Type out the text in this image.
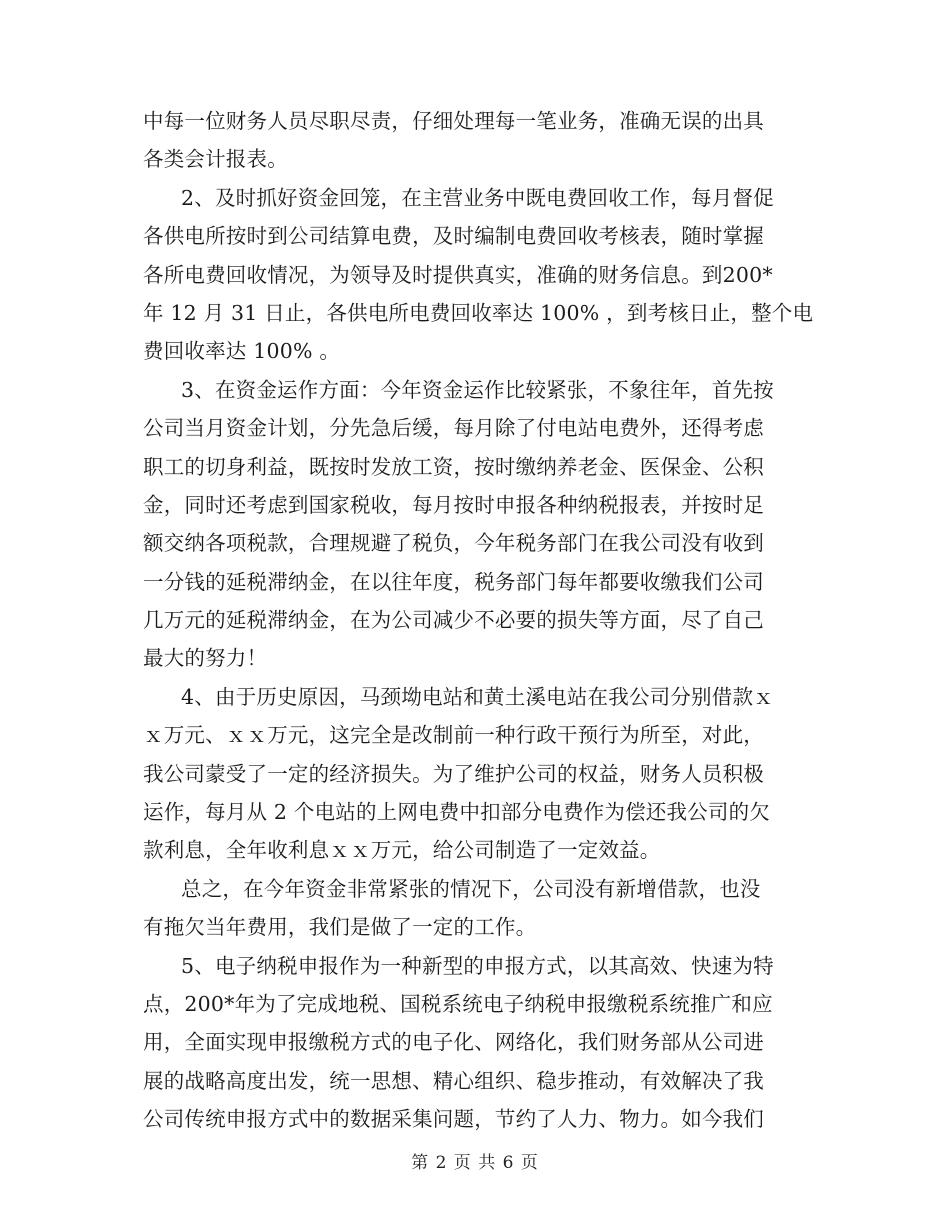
中每一位财务人员尽职尽责，仔细处理每一笔业务，准确无误的出具
各类会计报表。
2、及时抓好资金回笼，在主营业务中既电费回收工作，每月督促
各供电所按时到公司结算电费，及时编制电费回收考核表，随时掌握
各所电费回收情况，为领导及时提供真实，准确的财务信息。到200*
年 12 月 31 日止，各供电所电费回收率达 100% ，到考核日止，整个电
费回收率达 100% 。
3、在资金运作方面：今年资金运作比较紧张，不象往年，首先按
公司当月资金计划，分先急后缓，每月除了付电站电费外，还得考虑
职工的切身利益，既按时发放工资，按时缴纳养老金、医保金、公积
金，同时还考虑到国家税收，每月按时申报各种纳税报表，并按时足
额交纳各项税款，合理规避了税负，今年税务部门在我公司没有收到
一分钱的延税滞纳金，在以往年度，税务部门每年都要收缴我们公司
几万元的延税滞纳金，在为公司减少不必要的损失等方面，尽了自己
最大的努力！
4、由于历史原因，马颈坳电站和黄土溪电站在我公司分别借款ｘ
ｘ万元、ｘｘ万元，这完全是改制前一种行政干预行为所至，对此，
我公司蒙受了一定的经济损失。为了维护公司的权益，财务人员积极
运作，每月从 2 个电站的上网电费中扣部分电费作为偿还我公司的欠
款利息，全年收利息ｘｘ万元，给公司制造了一定效益。
总之，在今年资金非常紧张的情况下，公司没有新增借款，也没
有拖欠当年费用，我们是做了一定的工作。
5、电子纳税申报作为一种新型的申报方式，以其高效、快速为特
点，200*年为了完成地税、国税系统电子纳税申报缴税系统推广和应
用，全面实现申报缴税方式的电子化、网络化，我们财务部从公司进
展的战略高度出发，统一思想、精心组织、稳步推动，有效解决了我
公司传统申报方式中的数据采集问题，节约了人力、物力。如今我们
第 2 页 共 6 页
